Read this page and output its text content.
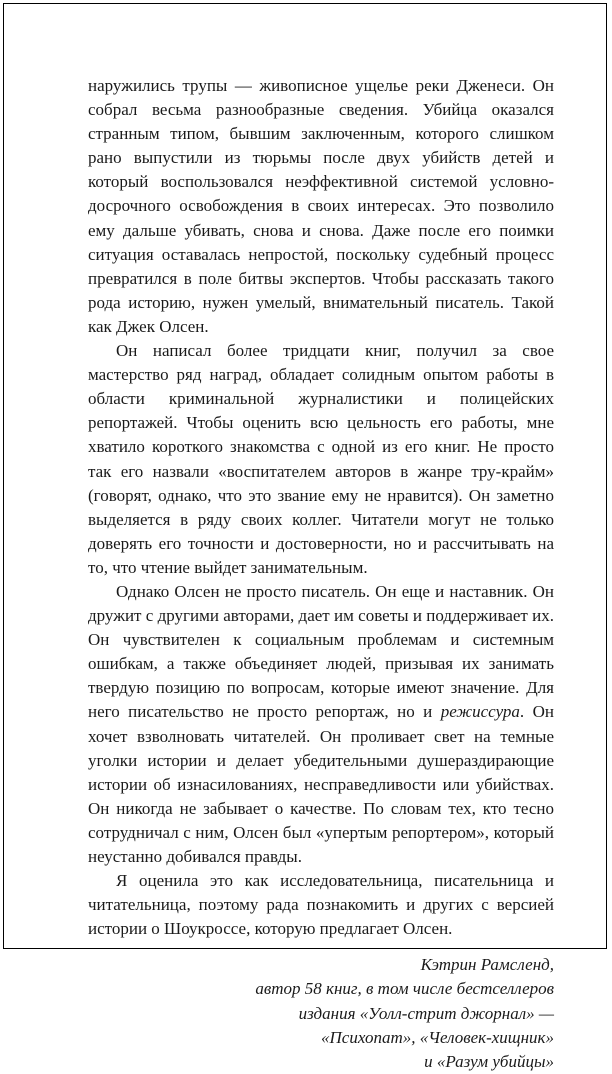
наружились трупы — живописное ущелье реки Дженеси. Он собрал весьма разнообразные сведения. Убийца оказался странным типом, бывшим заключенным, которого слишком рано выпустили из тюрьмы после двух убийств детей и который воспользовался неэффективной системой условно-досрочного освобождения в своих интересах. Это позволило ему дальше убивать, снова и снова. Даже после его поимки ситуация оставалась непростой, поскольку судебный процесс превратился в поле битвы экспертов. Чтобы рассказать такого рода историю, нужен умелый, внимательный писатель. Такой как Джек Олсен.

Он написал более тридцати книг, получил за свое мастерство ряд наград, обладает солидным опытом работы в области криминальной журналистики и полицейских репортажей. Чтобы оценить всю цельность его работы, мне хватило короткого знакомства с одной из его книг. Не просто так его назвали «воспитателем авторов в жанре тру-крайм» (говорят, однако, что это звание ему не нравится). Он заметно выделяется в ряду своих коллег. Читатели могут не только доверять его точности и достоверности, но и рассчитывать на то, что чтение выйдет занимательным.

Однако Олсен не просто писатель. Он еще и наставник. Он дружит с другими авторами, дает им советы и поддерживает их. Он чувствителен к социальным проблемам и системным ошибкам, а также объединяет людей, призывая их занимать твердую позицию по вопросам, которые имеют значение. Для него писательство не просто репортаж, но и режиссура. Он хочет взволновать читателей. Он проливает свет на темные уголки истории и делает убедительными душераздирающие истории об изнасилованиях, несправедливости или убийствах. Он никогда не забывает о качестве. По словам тех, кто тесно сотрудничал с ним, Олсен был «упертым репортером», который неустанно добивался правды.

Я оценила это как исследовательница, писательница и читательница, поэтому рада познакомить и других с версией истории о Шоукроссе, которую предлагает Олсен.

Кэтрин Рамсленд,
автор 58 книг, в том числе бестселлеров
издания «Уолл-стрит джорнал» —
«Психопат», «Человек-хищник»
и «Разум убийцы»
